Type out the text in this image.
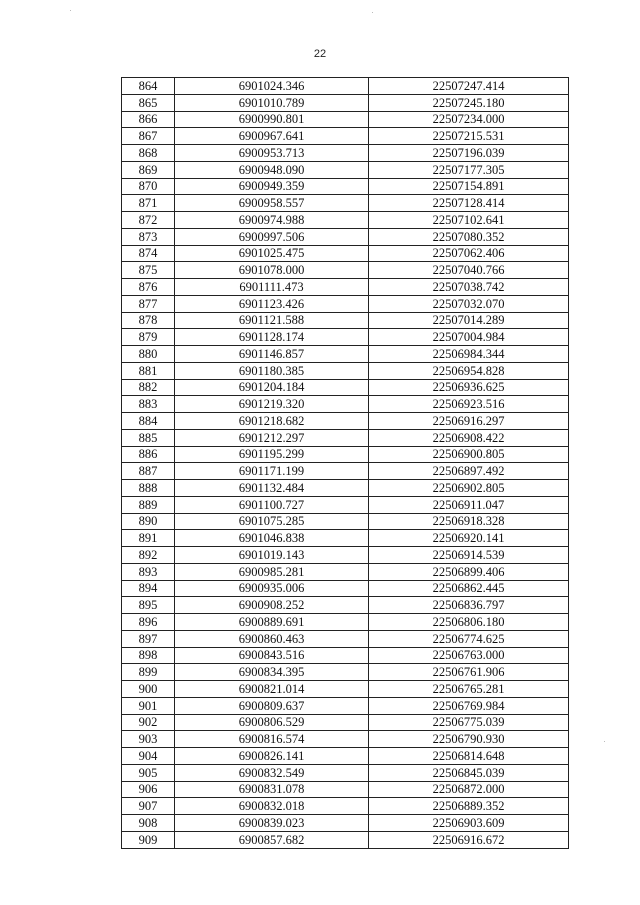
22
864	6901024.346	22507247.414
865	6901010.789	22507245.180
866	6900990.801	22507234.000
867	6900967.641	22507215.531
868	6900953.713	22507196.039
869	6900948.090	22507177.305
870	6900949.359	22507154.891
871	6900958.557	22507128.414
872	6900974.988	22507102.641
873	6900997.506	22507080.352
874	6901025.475	22507062.406
875	6901078.000	22507040.766
876	6901111.473	22507038.742
877	6901123.426	22507032.070
878	6901121.588	22507014.289
879	6901128.174	22507004.984
880	6901146.857	22506984.344
881	6901180.385	22506954.828
882	6901204.184	22506936.625
883	6901219.320	22506923.516
884	6901218.682	22506916.297
885	6901212.297	22506908.422
886	6901195.299	22506900.805
887	6901171.199	22506897.492
888	6901132.484	22506902.805
889	6901100.727	22506911.047
890	6901075.285	22506918.328
891	6901046.838	22506920.141
892	6901019.143	22506914.539
893	6900985.281	22506899.406
894	6900935.006	22506862.445
895	6900908.252	22506836.797
896	6900889.691	22506806.180
897	6900860.463	22506774.625
898	6900843.516	22506763.000
899	6900834.395	22506761.906
900	6900821.014	22506765.281
901	6900809.637	22506769.984
902	6900806.529	22506775.039
903	6900816.574	22506790.930
904	6900826.141	22506814.648
905	6900832.549	22506845.039
906	6900831.078	22506872.000
907	6900832.018	22506889.352
908	6900839.023	22506903.609
909	6900857.682	22506916.672
